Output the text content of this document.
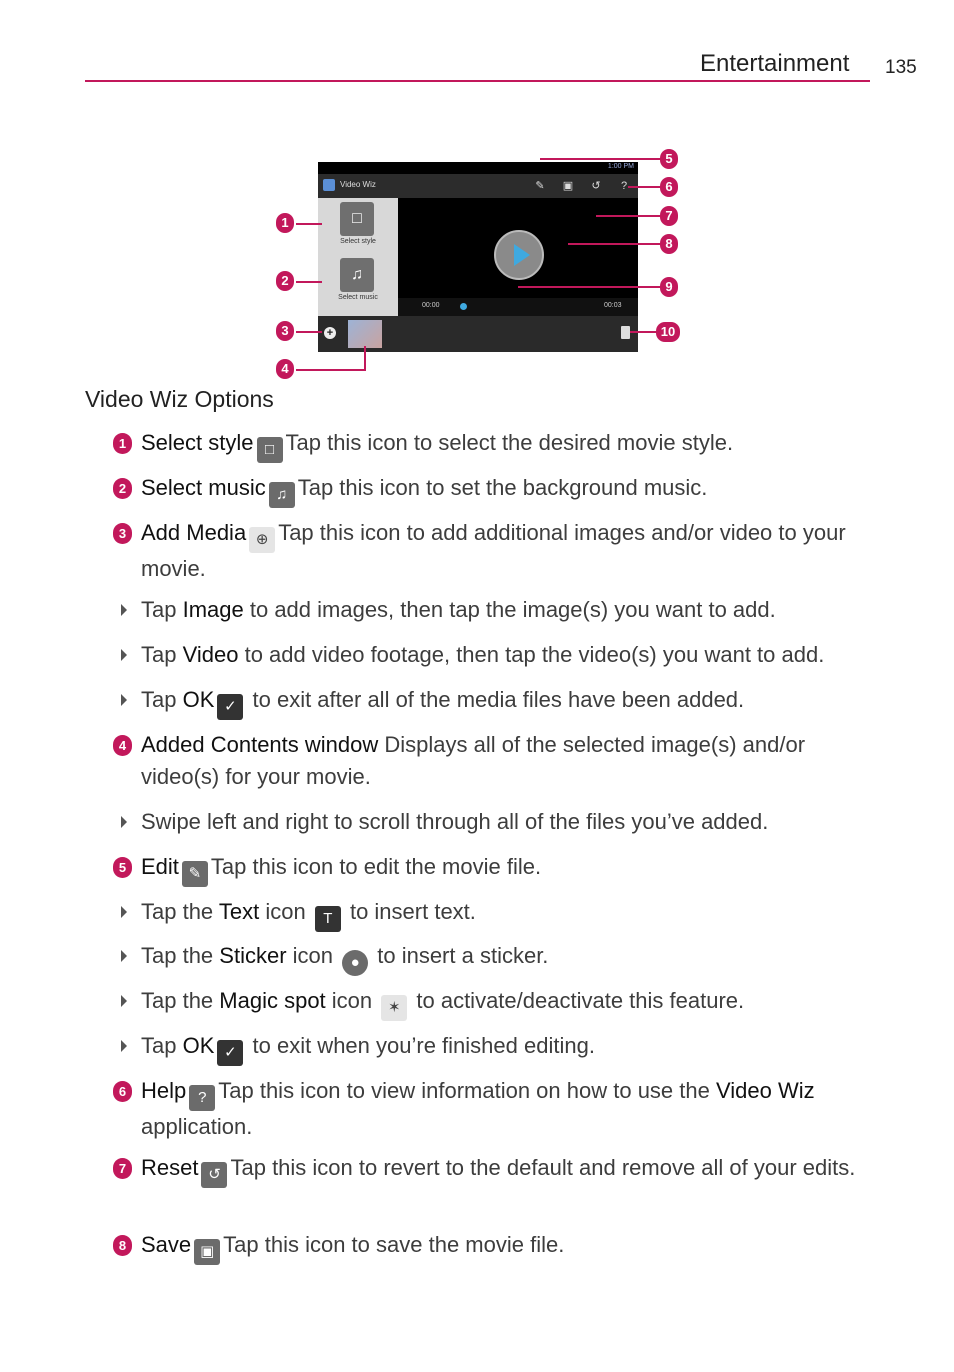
Entertainment 135
1:00 PM
Video Wiz	✎ ▣ ↺ ?
□
Select style
♫
Select music
00:00	00:03
+
1
2
3
4
5
6
7
8
9
10
Video Wiz Options
1 Select style □ Tap this icon to select the desired movie style.
2 Select music ♫ Tap this icon to set the background music.
3 Add Media ⊕ Tap this icon to add additional images and/or video to your movie.
Tap Image to add images, then tap the image(s) you want to add.
Tap Video to add video footage, then tap the video(s) you want to add.
Tap OK ✓ to exit after all of the media files have been added.
4 Added Contents window Displays all of the selected image(s) and/or video(s) for your movie.
Swipe left and right to scroll through all of the files you’ve added.
5 Edit ✎ Tap this icon to edit the movie file.
Tap the Text icon T to insert text.
Tap the Sticker icon ● to insert a sticker.
Tap the Magic spot icon ✶ to activate/deactivate this feature.
Tap OK ✓ to exit when you’re finished editing.
6 Help ? Tap this icon to view information on how to use the Video Wiz application.
7 Reset ↺ Tap this icon to revert to the default and remove all of your edits.
8 Save ▣ Tap this icon to save the movie file.
